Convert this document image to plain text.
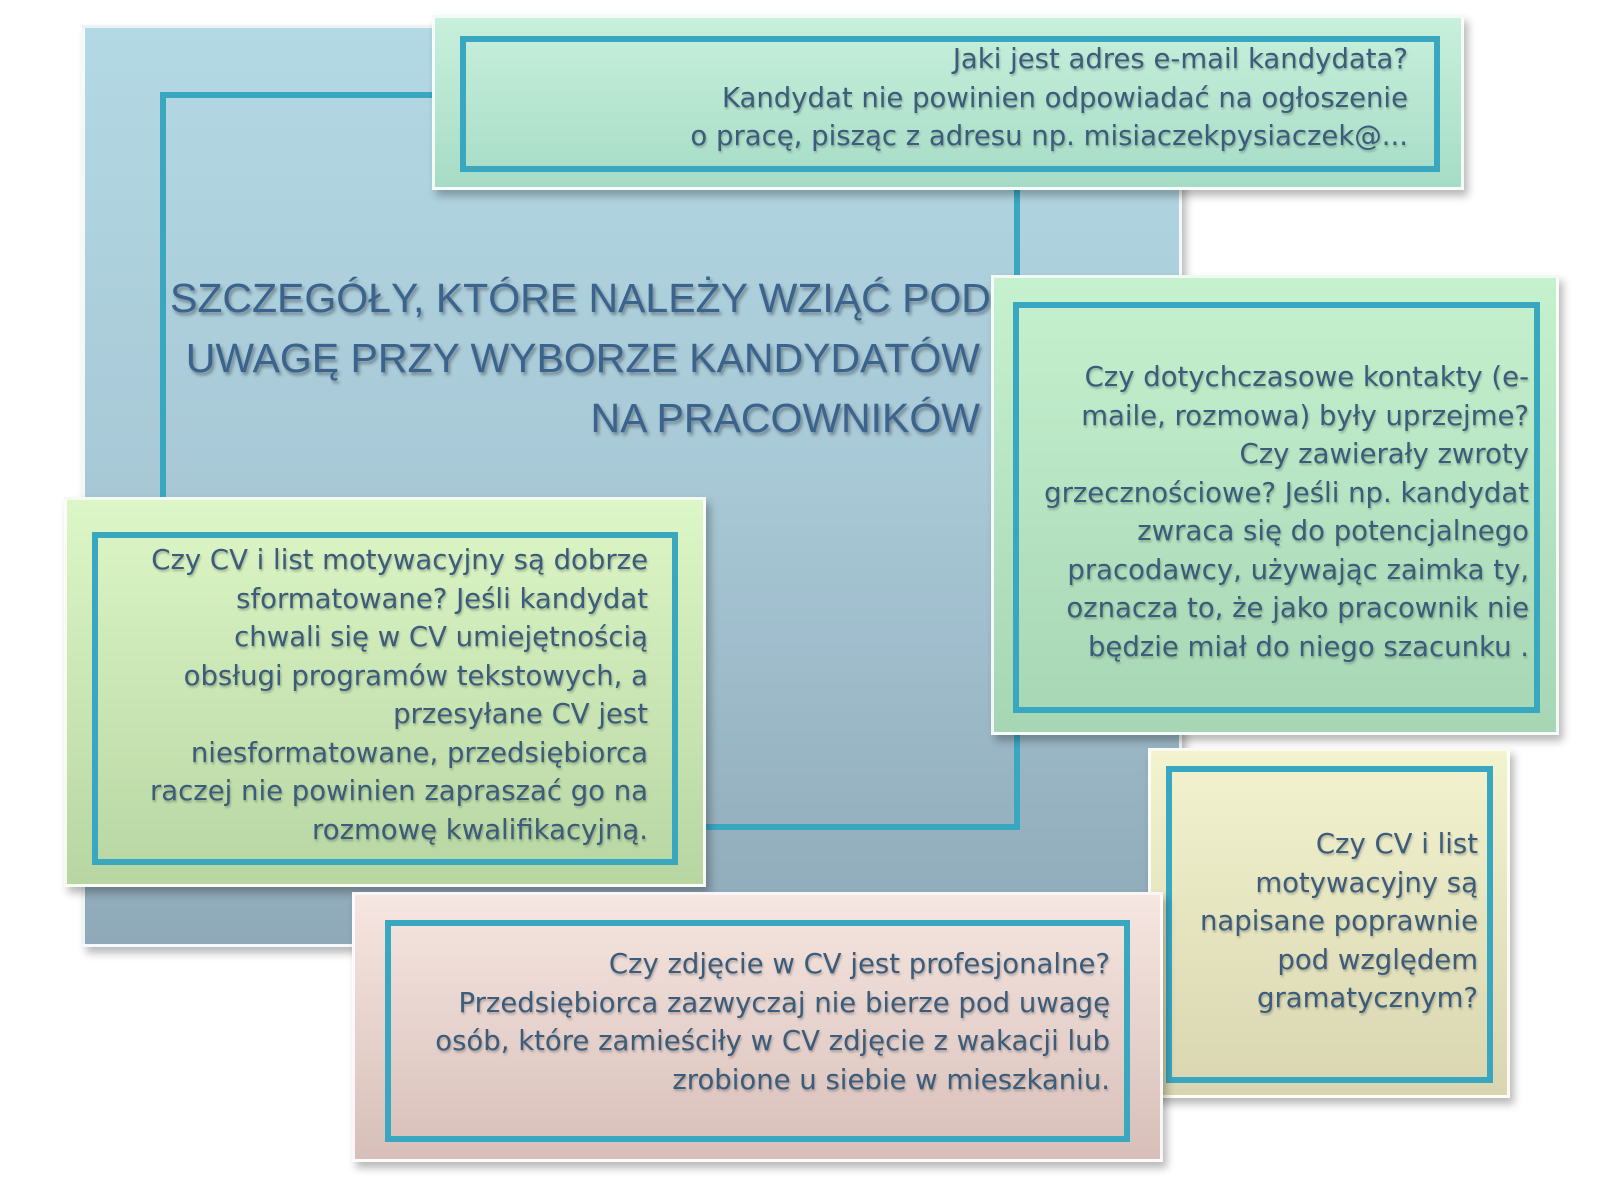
SZCZEGÓŁY, KTÓRE NALEŻY WZIĄĆ POD
UWAGĘ PRZY WYBORZE KANDYDATÓW
NA PRACOWNIKÓW
Jaki jest adres e-mail kandydata?
Kandydat nie powinien odpowiadać na ogłoszenie
o pracę, pisząc z adresu np. misiaczekpysiaczek@...
Czy dotychczasowe kontakty (e-
maile, rozmowa) były uprzejme?
Czy zawierały zwroty
grzecznościowe? Jeśli np. kandydat
zwraca się do potencjalnego
pracodawcy, używając zaimka ty,
oznacza to, że jako pracownik nie
będzie miał do niego szacunku .
Czy CV i list motywacyjny są dobrze
sformatowane? Jeśli kandydat
chwali się w CV umiejętnością
obsługi programów tekstowych, a
przesyłane CV jest
niesformatowane, przedsiębiorca
raczej nie powinien zapraszać go na
rozmowę kwalifikacyjną.	Czy CV i list
motywacyjny są
napisane poprawnie
pod względem
gramatycznym?
Czy zdjęcie w CV jest profesjonalne?
Przedsiębiorca zazwyczaj nie bierze pod uwagę
osób, które zamieściły w CV zdjęcie z wakacji lub
zrobione u siebie w mieszkaniu.
